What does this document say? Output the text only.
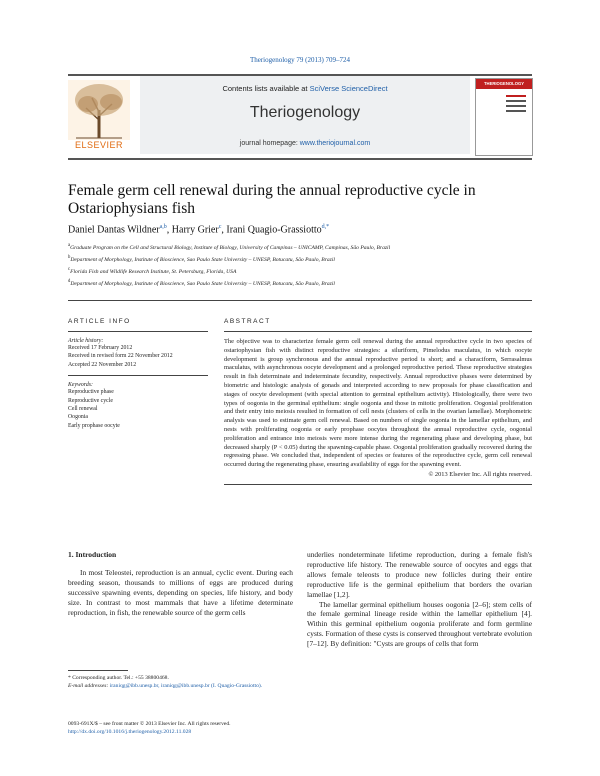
Theriogenology 79 (2013) 709–724
ELSEVIER
Contents lists available at SciVerse ScienceDirect
Theriogenology
journal homepage: www.theriojournal.com
THERIOGENOLOGY
Female germ cell renewal during the annual reproductive cycle in Ostariophysians fish
Daniel Dantas Wildner$^{a,b}$, Harry Grier$^c$, Irani Quagio-Grassiotto$^{d,*}$
$^a$Graduate Program on the Cell and Structural Biology, Institute of Biology, University of Campinas – UNICAMP, Campinas, São Paulo, Brazil
$^b$Department of Morphology, Institute of Bioscience, Sao Paulo State University – UNESP, Botucatu, São Paulo, Brazil
$^c$Florida Fish and Wildlife Research Institute, St. Petersburg, Florida, USA
$^d$Department of Morphology, Institute of Bioscience, Sao Paulo State University – UNESP, Botucatu, São Paulo, Brazil
ARTICLE INFO
Article history:
Received 17 February 2012
Received in revised form 22 November 2012
Accepted 22 November 2012
Keywords:
Reproductive phase
Reproductive cycle
Cell renewal
Oogonia
Early prophase oocyte
ABSTRACT
The objective was to characterize female germ cell renewal during the annual reproductive cycle in two species of ostariophysian fish with distinct reproductive strategies: a siluriform, Pimelodus maculatus, in which oocyte development is group synchronous and the annual reproductive period is short; and a characiform, Serrasalmus maculatus, with asynchronous oocyte development and a prolonged reproductive period. These reproductive strategies result in fish determinate and indeterminate fecundity, respectively. Annual reproductive phases were determined by biometric and histologic analysis of gonads and interpreted according to new proposals for phase classification and stages of oocyte development (with special attention to germinal epithelium activity). Histologically, there were two types of oogonia in the germinal epithelium: single oogonia and those in mitotic proliferation. Oogonial proliferation and their entry into meiosis resulted in formation of cell nests (clusters of cells in the ovarian lamellae). Morphometric analysis was used to estimate germ cell renewal. Based on numbers of single oogonia in the lamellar epithelium, and nests with proliferating oogonia or early prophase oocytes throughout the annual reproductive cycle, oogonial proliferation and entrance into meiosis were more intense during the regenerating phase and developing phase, but decreased sharply (P < 0.05) during the spawning-capable phase. Oogonial proliferation gradually recovered during the regressing phase. We concluded that, independent of species or features of the reproductive cycle, germ cell renewal occurred during the regenerating phase, ensuring availability of eggs for the spawning event.
© 2013 Elsevier Inc. All rights reserved.
1. Introduction
In most Teleostei, reproduction is an annual, cyclic event. During each breeding season, thousands to millions of eggs are produced during successive spawning events, depending on species, life history, and body size. In contrast to most mammals that have a lifetime determinate reproduction, in fish, the renewable source of the germ cells
underlies nondeterminate lifetime reproduction, during a female fish's reproductive life history. The renewable source of oocytes and eggs that allows female teleosts to produce new follicles during their entire reproductive life is the germinal epithelium that borders the ovarian lamellae [1,2].
The lamellar germinal epithelium houses oogonia [2–6]; stem cells of the female germinal lineage reside within the lamellar epithelium [4]. Within this germinal epithelium oogonia proliferate and form germline cysts. Formation of these cysts is conserved throughout vertebrate evolution [7–12]. By definition: "Cysts are groups of cells that form
* Corresponding author. Tel.: +55 38800468.
E-mail addresses: iraniqg@ibb.unesp.br, iraniqg@ibb.unesp.br (I. Quagio-Grassiotto).
0093-691X/$ – see front matter © 2013 Elsevier Inc. All rights reserved.
http://dx.doi.org/10.1016/j.theriogenology.2012.11.028
